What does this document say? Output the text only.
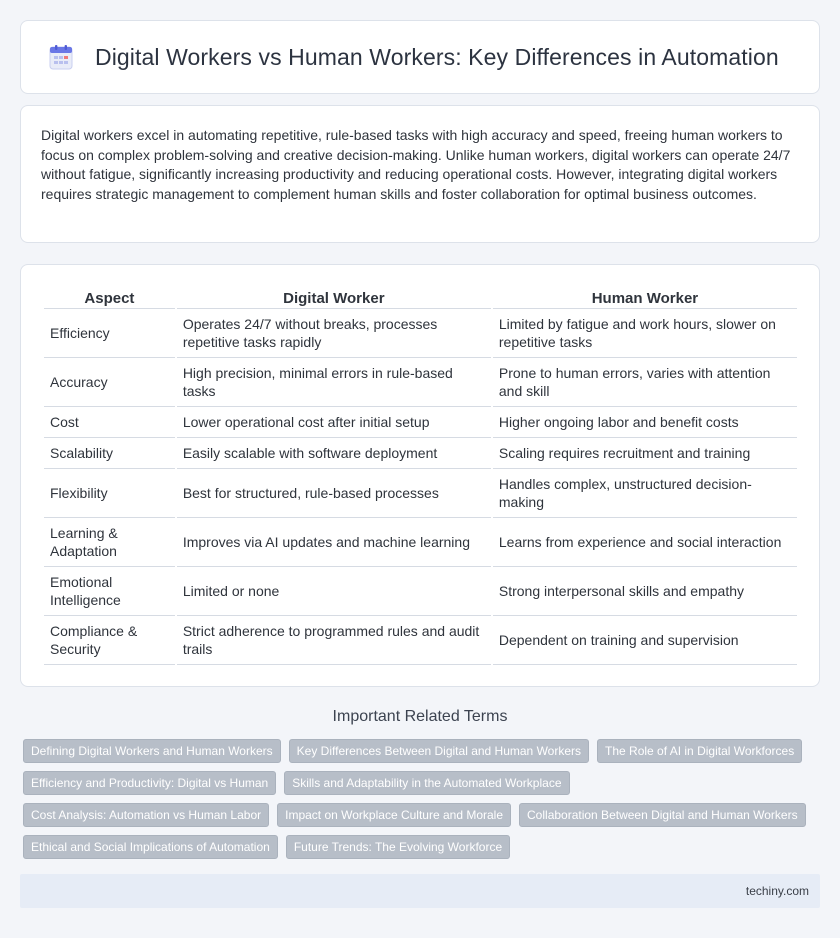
Digital Workers vs Human Workers: Key Differences in Automation

Digital workers excel in automating repetitive, rule-based tasks with high accuracy and speed, freeing human workers to focus on complex problem-solving and creative decision-making. Unlike human workers, digital workers can operate 24/7 without fatigue, significantly increasing productivity and reducing operational costs. However, integrating digital workers requires strategic management to complement human skills and foster collaboration for optimal business outcomes.

Aspect	Digital Worker	Human Worker
Efficiency	Operates 24/7 without breaks, processes repetitive tasks rapidly	Limited by fatigue and work hours, slower on repetitive tasks
Accuracy	High precision, minimal errors in rule-based tasks	Prone to human errors, varies with attention and skill
Cost	Lower operational cost after initial setup	Higher ongoing labor and benefit costs
Scalability	Easily scalable with software deployment	Scaling requires recruitment and training
Flexibility	Best for structured, rule-based processes	Handles complex, unstructured decision-making
Learning & Adaptation	Improves via AI updates and machine learning	Learns from experience and social interaction
Emotional Intelligence	Limited or none	Strong interpersonal skills and empathy
Compliance & Security	Strict adherence to programmed rules and audit trails	Dependent on training and supervision
Important Related Terms
Defining Digital Workers and Human Workers	Key Differences Between Digital and Human Workers	The Role of AI in Digital Workforces
Efficiency and Productivity: Digital vs Human	Skills and Adaptability in the Automated Workplace
Cost Analysis: Automation vs Human Labor	Impact on Workplace Culture and Morale	Collaboration Between Digital and Human Workers
Ethical and Social Implications of Automation	Future Trends: The Evolving Workforce
techiny.com
